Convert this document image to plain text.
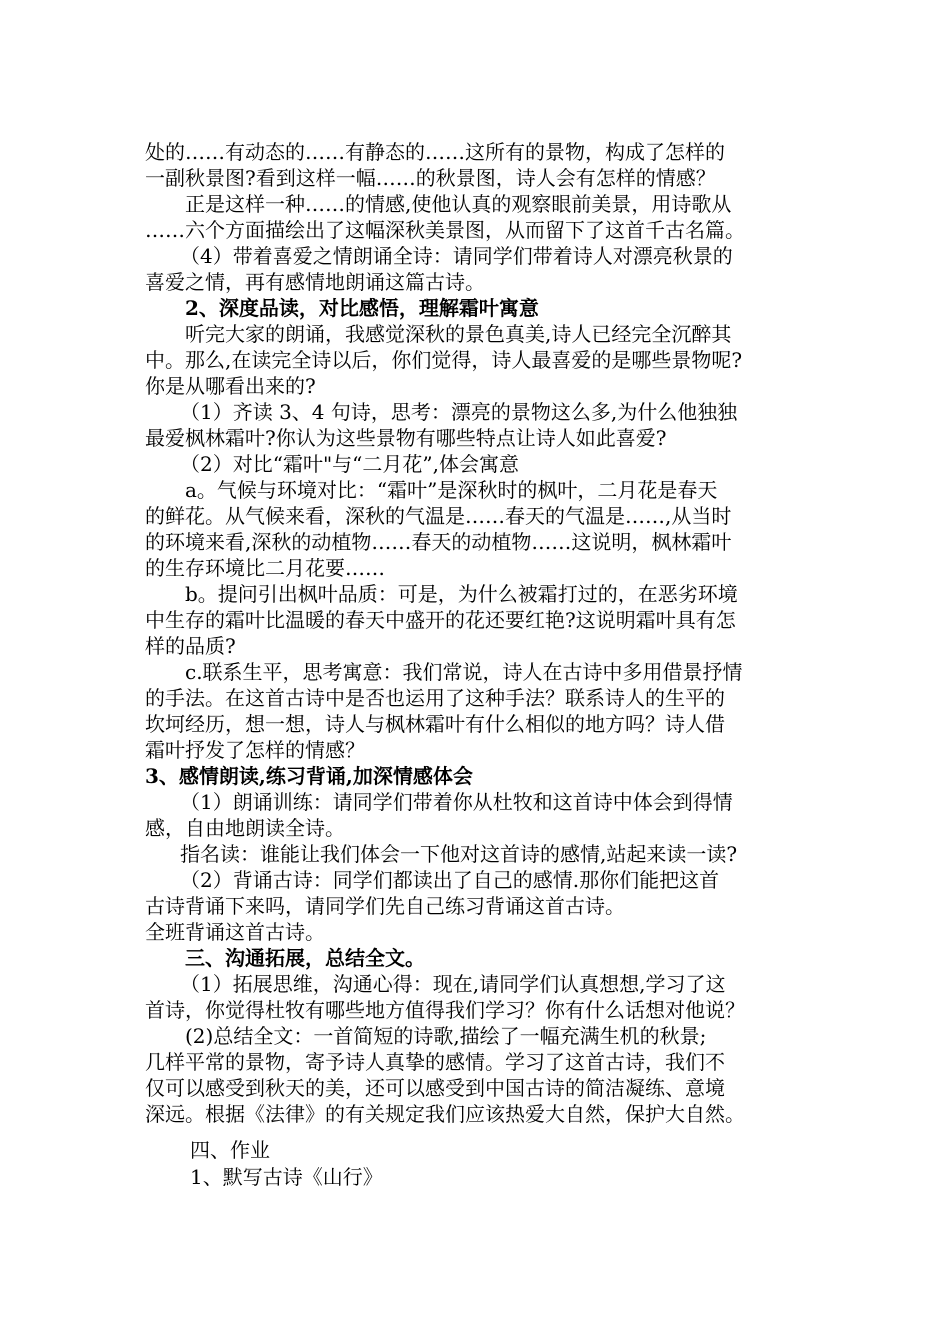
处的……有动态的……有静态的……这所有的景物，构成了怎样的
一副秋景图?看到这样一幅……的秋景图，诗人会有怎样的情感？
正是这样一种……的情感,使他认真的观察眼前美景，用诗歌从
……六个方面描绘出了这幅深秋美景图，从而留下了这首千古名篇。
（4）带着喜爱之情朗诵全诗：请同学们带着诗人对漂亮秋景的
喜爱之情，再有感情地朗诵这篇古诗。
2、深度品读，对比感悟，理解霜叶寓意
听完大家的朗诵，我感觉深秋的景色真美,诗人已经完全沉醉其
中。那么,在读完全诗以后，你们觉得，诗人最喜爱的是哪些景物呢?
你是从哪看出来的?
（1）齐读 3、4 句诗，思考：漂亮的景物这么多,为什么他独独
最爱枫林霜叶?你认为这些景物有哪些特点让诗人如此喜爱?
（2）对比“霜叶"与“二月花”,体会寓意
a。气候与环境对比：“霜叶”是深秋时的枫叶，二月花是春天
的鲜花。从气候来看，深秋的气温是……春天的气温是……,从当时
的环境来看,深秋的动植物……春天的动植物……这说明，枫林霜叶
的生存环境比二月花要……
b。提问引出枫叶品质：可是，为什么被霜打过的，在恶劣环境
中生存的霜叶比温暖的春天中盛开的花还要红艳?这说明霜叶具有怎
样的品质?
c.联系生平，思考寓意：我们常说，诗人在古诗中多用借景抒情
的手法。在这首古诗中是否也运用了这种手法？联系诗人的生平的
坎坷经历，想一想，诗人与枫林霜叶有什么相似的地方吗？诗人借
霜叶抒发了怎样的情感？
3、感情朗读,练习背诵,加深情感体会
（1）朗诵训练：请同学们带着你从杜牧和这首诗中体会到得情
感，自由地朗读全诗。
指名读：谁能让我们体会一下他对这首诗的感情,站起来读一读?
（2）背诵古诗：同学们都读出了自己的感情.那你们能把这首
古诗背诵下来吗，请同学们先自己练习背诵这首古诗。
全班背诵这首古诗。
三、沟通拓展，总结全文。
（1）拓展思维，沟通心得：现在,请同学们认真想想,学习了这
首诗，你觉得杜牧有哪些地方值得我们学习？你有什么话想对他说？
(2)总结全文：一首简短的诗歌,描绘了一幅充满生机的秋景;
几样平常的景物，寄予诗人真挚的感情。学习了这首古诗，我们不
仅可以感受到秋天的美，还可以感受到中国古诗的简洁凝练、意境
深远。根据《法律》的有关规定我们应该热爱大自然，保护大自然。
四、作业
1、默写古诗《山行》
